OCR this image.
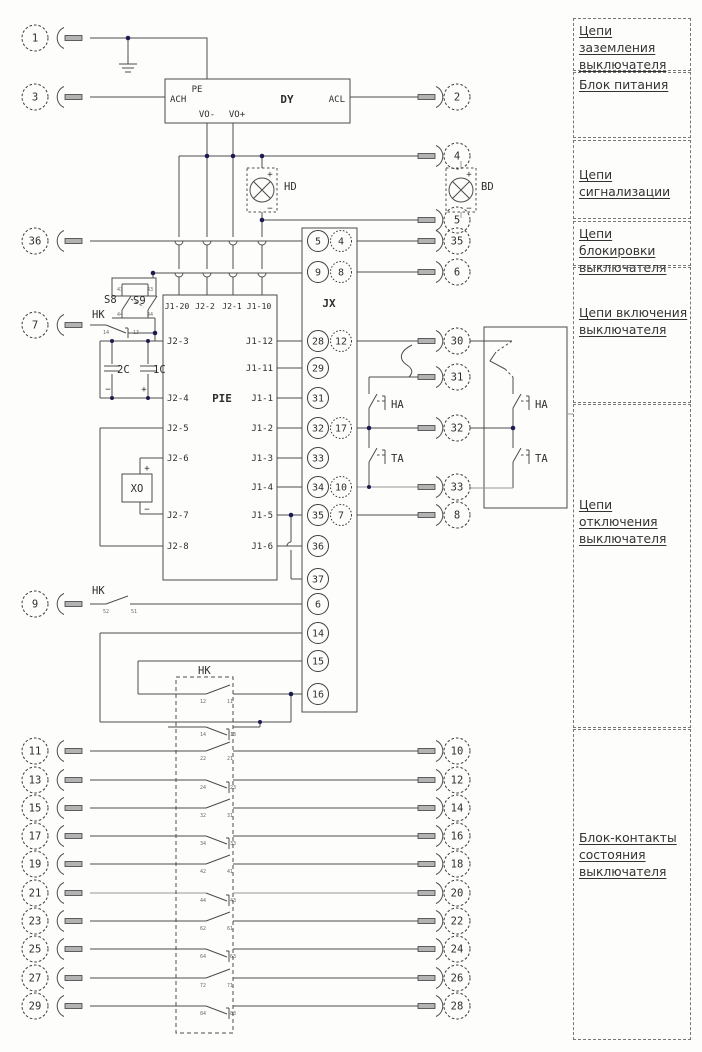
PE
ACH	DY	ACL
VO- VO+
J1-20 J2-2 J2-1 J1-10
J2-3
J2-4
J2-5
J2-6
J2-7
J2-8
PIE
J1-12
J1-11
J1-1
J1-2
J1-3
J1-4
J1-5
J1-6
JX
5 4
9 8
28 12
29
31
32 17
33
34 10
35 7
36
37
6
14
15
16
XO
+
−
+
−
HD
+
−
BD
2C
−
1C
+
HK
14	13
S8 S9
43
44
43
44
HK
52	51
HA
TA
HA
TA
HK
12	11
14	13
22	21
24	23
32	31
34	33
42	41
44	43
62	61
64	63
72	71
84	83
1
3
36
7
9
11
13
15
17
19
21
23
25
27
29
2
4
5
35
6
30
31
32
33
8
10
12
14
16
18
20
22
24
26
28
Цепи заземления
выключателя
Блок питания
Цепи
сигнализации
Цепи блокировки
выключателя
Цепи включения
выключателя
Цепи отключения
выключателя
Блок-контакты
состояния
выключателя
